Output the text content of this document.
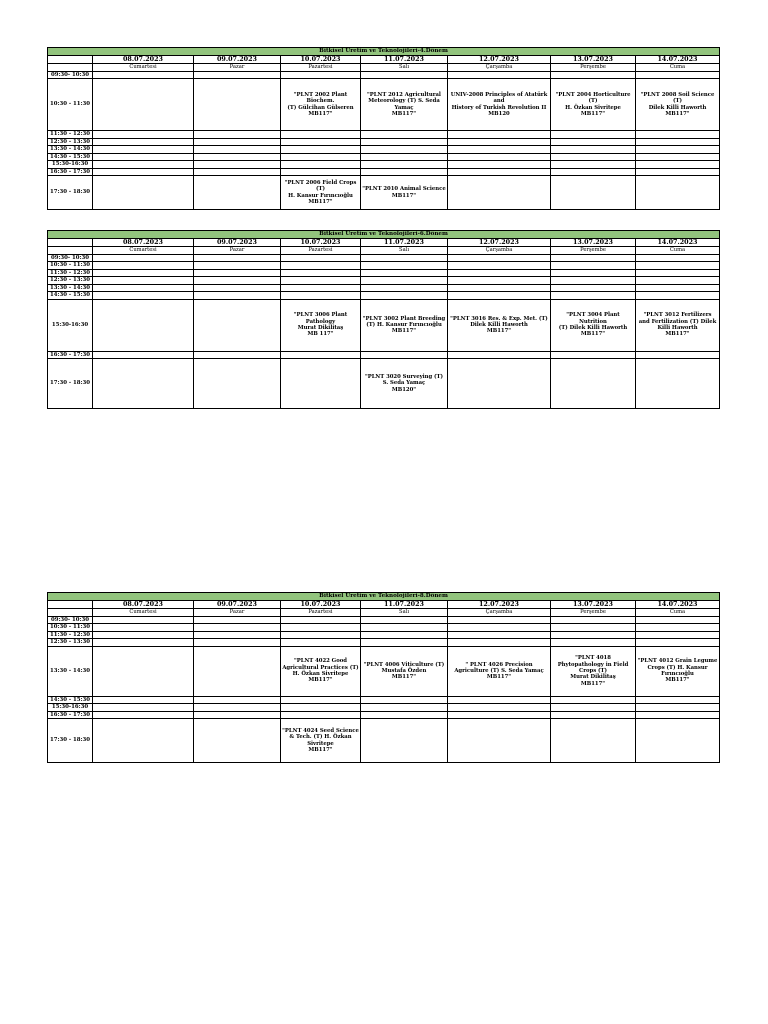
Bitkisel Üretim ve Teknolojileri-4.Dönem							
	08.07.2023	09.07.2023	10.07.2023	11.07.2023	12.07.2023	13.07.2023	14.07.2023
	Cumartesi	Pazar	Pazartesi	Salı	Çarşamba	Perşembe	Cuma
09:30- 10:30							
10:30 - 11:30			"PLNT 2002 Plant Biochem.
(T) Gülcihan Gülseren
MB117"	"PLNT 2012 Agricultural
Meteorology (T) S. Seda
Yamaç
MB117"	UNIV-2008 Principles of Atatürk
and
History of Turkish Revolution II
MB120	"PLNT 2004 Horticulture (T)
H. Özkan Sivritepe
MB117"	"PLNT 2008 Soil Science (T)
Dilek Killi Haworth
MB117"

11:30 - 12:30							
12:30 - 13:30							
13:30 - 14:30							
14:30 - 15:30							
15:30-16:30							
16:30 - 17:30							
17:30 - 18:30			"PLNT 2006 Field Crops (T)
H. Kansur Fırıncıoğlu
MB117"	"PLNT 2010 Animal Science
MB117"			

Bitkisel Üretim ve Teknolojileri-6.Dönem							
	08.07.2023	09.07.2023	10.07.2023	11.07.2023	12.07.2023	13.07.2023	14.07.2023
	Cumartesi	Pazar	Pazartesi	Salı	Çarşamba	Perşembe	Cuma
09:30- 10:30							
10:30 - 11:30							
11:30 - 12:30							
12:30 - 13:30							
13:30 - 14:30							
14:30 - 15:30							
15:30-16:30			"PLNT 3006 Plant
Pathology
Murat Dikilitaş
MB 117"	"PLNT 3002 Plant Breeding
(T) H. Kansur Fırıncıoğlu
MB117"	"PLNT 3016 Res. & Exp. Met. (T)
Dilek Killi Haworth
MB117"	"PLNT 3004 Plant Nutrition
(T) Dilek Killi Haworth
MB117"	"PLNT 3012 Fertilizers
and Fertilization (T) Dilek
Killi Haworth
MB117"

16:30 - 17:30							
17:30 - 18:30				"PLNT 3020 Surveying (T)
S. Seda Yamaç
MB120"			

Bitkisel Üretim ve Teknolojileri-8.Dönem							
	08.07.2023	09.07.2023	10.07.2023	11.07.2023	12.07.2023	13.07.2023	14.07.2023
	Cumartesi	Pazar	Pazartesi	Salı	Çarşamba	Perşembe	Cuma
09:30- 10:30							
10:30 - 11:30							
11:30 - 12:30							
12:30 - 13:30							
13:30 - 14:30			"PLNT 4022 Good
Agricultural Practices (T)
H. Özkan Sivritepe
MB117"	"PLNT 4006 Viticulture (T)
Mustafa Özden
MB117"	" PLNT 4026 Precision
Agriculture (T) S. Seda Yamaç
MB117"	"PLNT 4018
Phytopathology in Field
Crops (T)
Murat Dikilitaş
MB117"	"PLNT 4012 Grain Legume
Crops (T) H. Kansur
Fırıncıoğlu
MB117"

14:30 - 15:30							
15:30-16:30							
16:30 - 17:30							
17:30 - 18:30			"PLNT 4024 Seed Science
& Tech. (T) H. Özkan
Sivritepe
MB117"				
